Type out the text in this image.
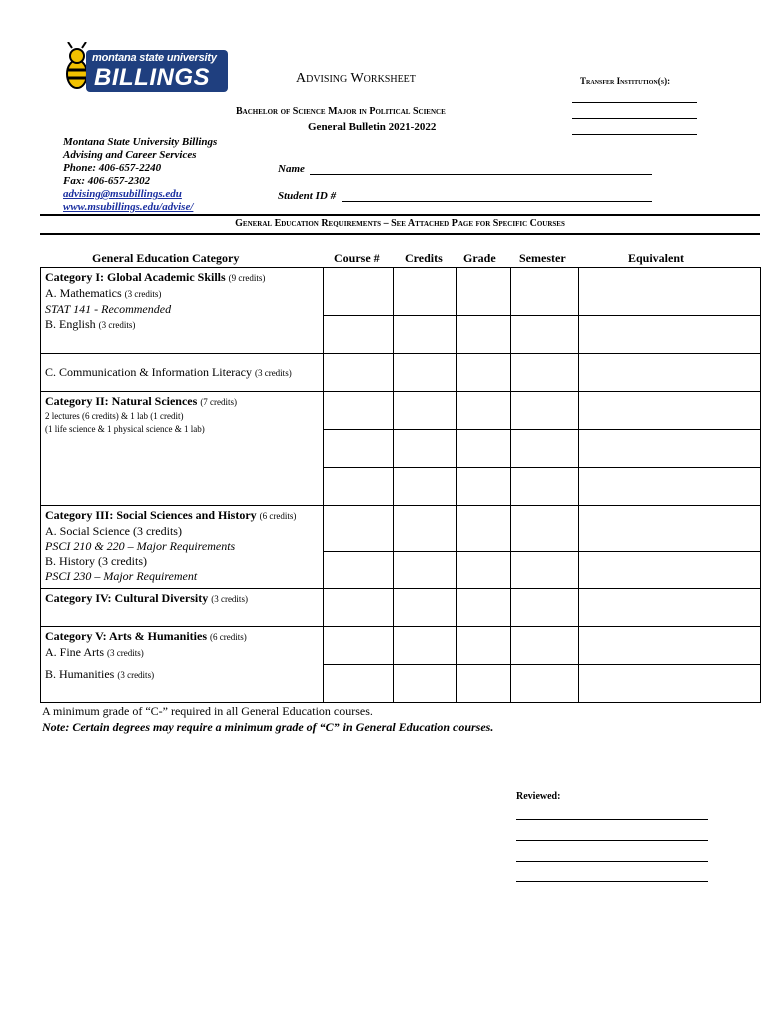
montana state university
BILLINGS	Advising Worksheet	Transfer Institution(s):
Bachelor of Science Major in Political Science
General Bulletin 2021-2022
Montana State University Billings
Advising and Career Services
Phone: 406-657-2240
Fax: 406-657-2302
advising@msubillings.edu
www.msubillings.edu/advise/
Name
Student ID #
General Education Requirements – See Attached Page for Specific Courses
General Education Category	Course # Credits Grade Semester	Equivalent
Category I: Global Academic Skills (9 credits)
A. Mathematics (3 credits)
STAT 141 - Recommended
B. English (3 credits)					

C. Communication & Information Literacy (3 credits)					

Category II: Natural Sciences (7 credits)
2 lectures (6 credits) & 1 lab (1 credit)
(1 life science & 1 physical science & 1 lab)					

Category III: Social Sciences and History (6 credits)
A. Social Science (3 credits)
PSCI 210 & 220 – Major Requirements
B. History (3 credits)
PSCI 230 – Major Requirement					

Category IV: Cultural Diversity (3 credits)					

Category V: Arts & Humanities (6 credits)
A. Fine Arts (3 credits)
B. Humanities (3 credits)					

A minimum grade of “C-” required in all General Education courses.
Note: Certain degrees may require a minimum grade of “C” in General Education courses.
Reviewed:
